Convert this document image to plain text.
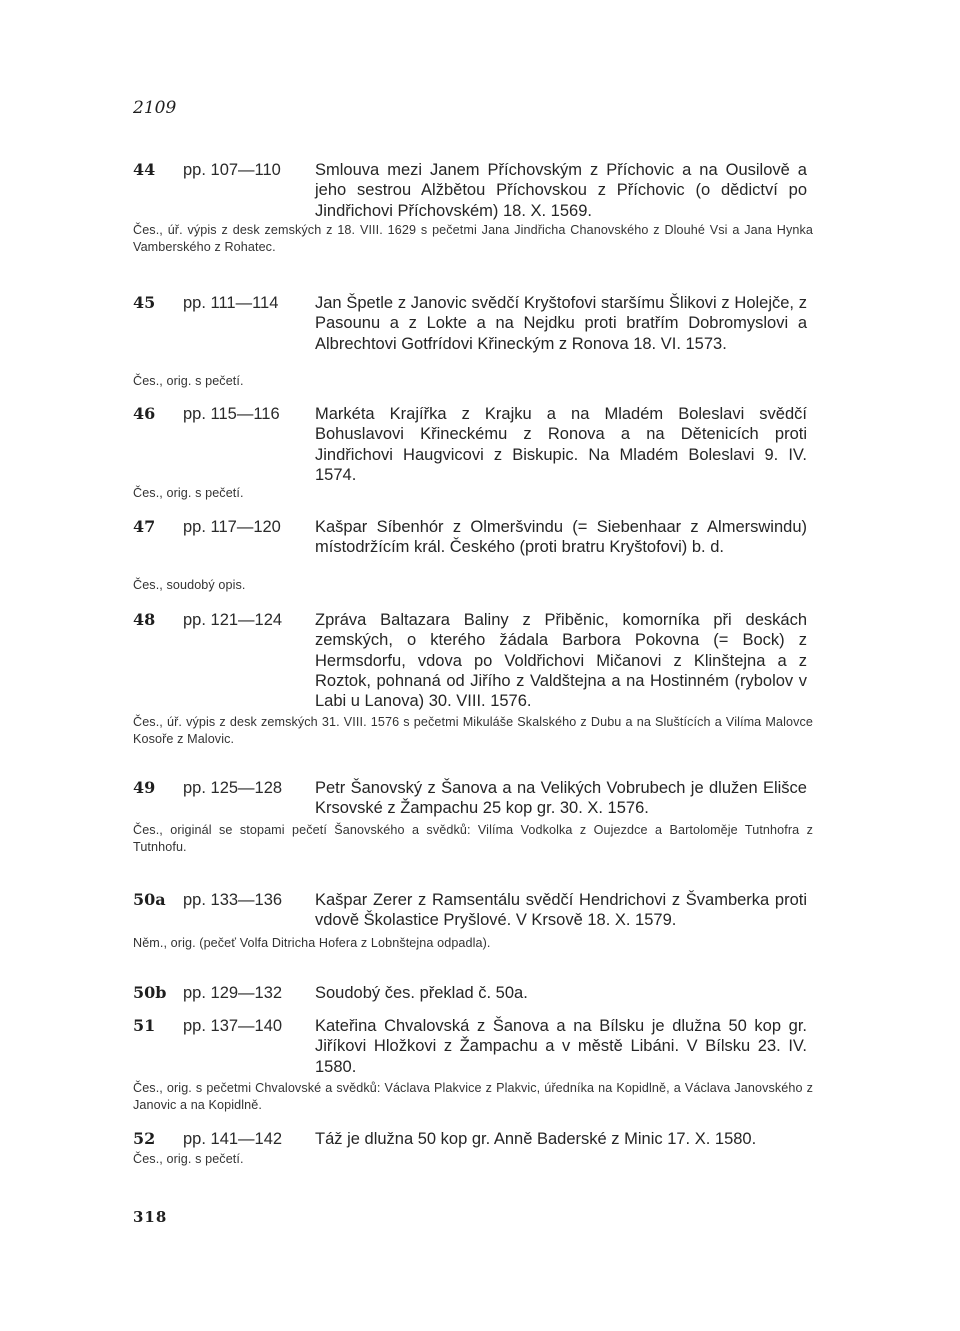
2109
44	pp. 107—110	Smlouva mezi Janem Příchovským z Příchovic a na Ousilově a jeho sestrou Alžbětou Příchovskou z Příchovic (o dědictví po Jindřichovi Příchovském) 18. X. 1569.
Čes., úř. výpis z desk zemských z 18. VIII. 1629 s pečetmi Jana Jindřicha Chanovského z Dlouhé Vsi a Jana Hynka Vamberského z Rohatec.
45	pp. 111—114	Jan Špetle z Janovic svědčí Kryštofovi staršímu Šlikovi z Holejče, z Pasounu a z Lokte a na Nejdku proti bratřím Dobromyslovi a Albrechtovi Gotfrídovi Křineckým z Ronova 18. VI. 1573.
Čes., orig. s pečetí.
46	pp. 115—116	Markéta Krajířka z Krajku a na Mladém Boleslavi svědčí Bohuslavovi Křineckému z Ronova a na Dětenicích proti Jindřichovi Haugvicovi z Biskupic. Na Mladém Boleslavi 9. IV. 1574.
Čes., orig. s pečetí.
47	pp. 117—120	Kašpar Síbenhór z Olmeršvindu (= Siebenhaar z Almerswindu) místodržícím král. Českého (proti bratru Kryštofovi) b. d.
Čes., soudobý opis.
48	pp. 121—124	Zpráva Baltazara Baliny z Přiběnic, komorníka při deskách zemských, o kterého žádala Barbora Pokovna (= Bock) z Hermsdorfu, vdova po Voldřichovi Mičanovi z Klinštejna a z Roztok, pohnaná od Jiřího z Valdštejna a na Hostinném (rybolov v Labi u Lanova) 30. VIII. 1576.
Čes., úř. výpis z desk zemských 31. VIII. 1576 s pečetmi Mikuláše Skalského z Dubu a na Sluštících a Vilíma Malovce Kosoře z Malovic.
49	pp. 125—128	Petr Šanovský z Šanova a na Velikých Vobrubech je dlužen Elišce Krsovské z Žampachu 25 kop gr. 30. X. 1576.
Čes., originál se stopami pečetí Šanovského a svědků: Vilíma Vodkolka z Oujezdce a Bartoloměje Tutnhofra z Tutnhofu.
50a	pp. 133—136	Kašpar Zerer z Ramsentálu svědčí Hendrichovi z Švamberka proti vdově Školastice Pryšlové. V Krsově 18. X. 1579.
Něm., orig. (pečeť Volfa Ditricha Hofera z Lobnštejna odpadla).
50b	pp. 129—132	Soudobý čes. překlad č. 50a.
51	pp. 137—140	Kateřina Chvalovská z Šanova a na Bílsku je dlužna 50 kop gr. Jiříkovi Hložkovi z Žampachu a v městě Libáni. V Bílsku 23. IV. 1580.
Čes., orig. s pečetmi Chvalovské a svědků: Václava Plakvice z Plakvic, úředníka na Kopidlně, a Václava Janovského z Janovic a na Kopidlně.
52	pp. 141—142	Táž je dlužna 50 kop gr. Anně Baderské z Minic 17. X. 1580.
Čes., orig. s pečetí.
318
